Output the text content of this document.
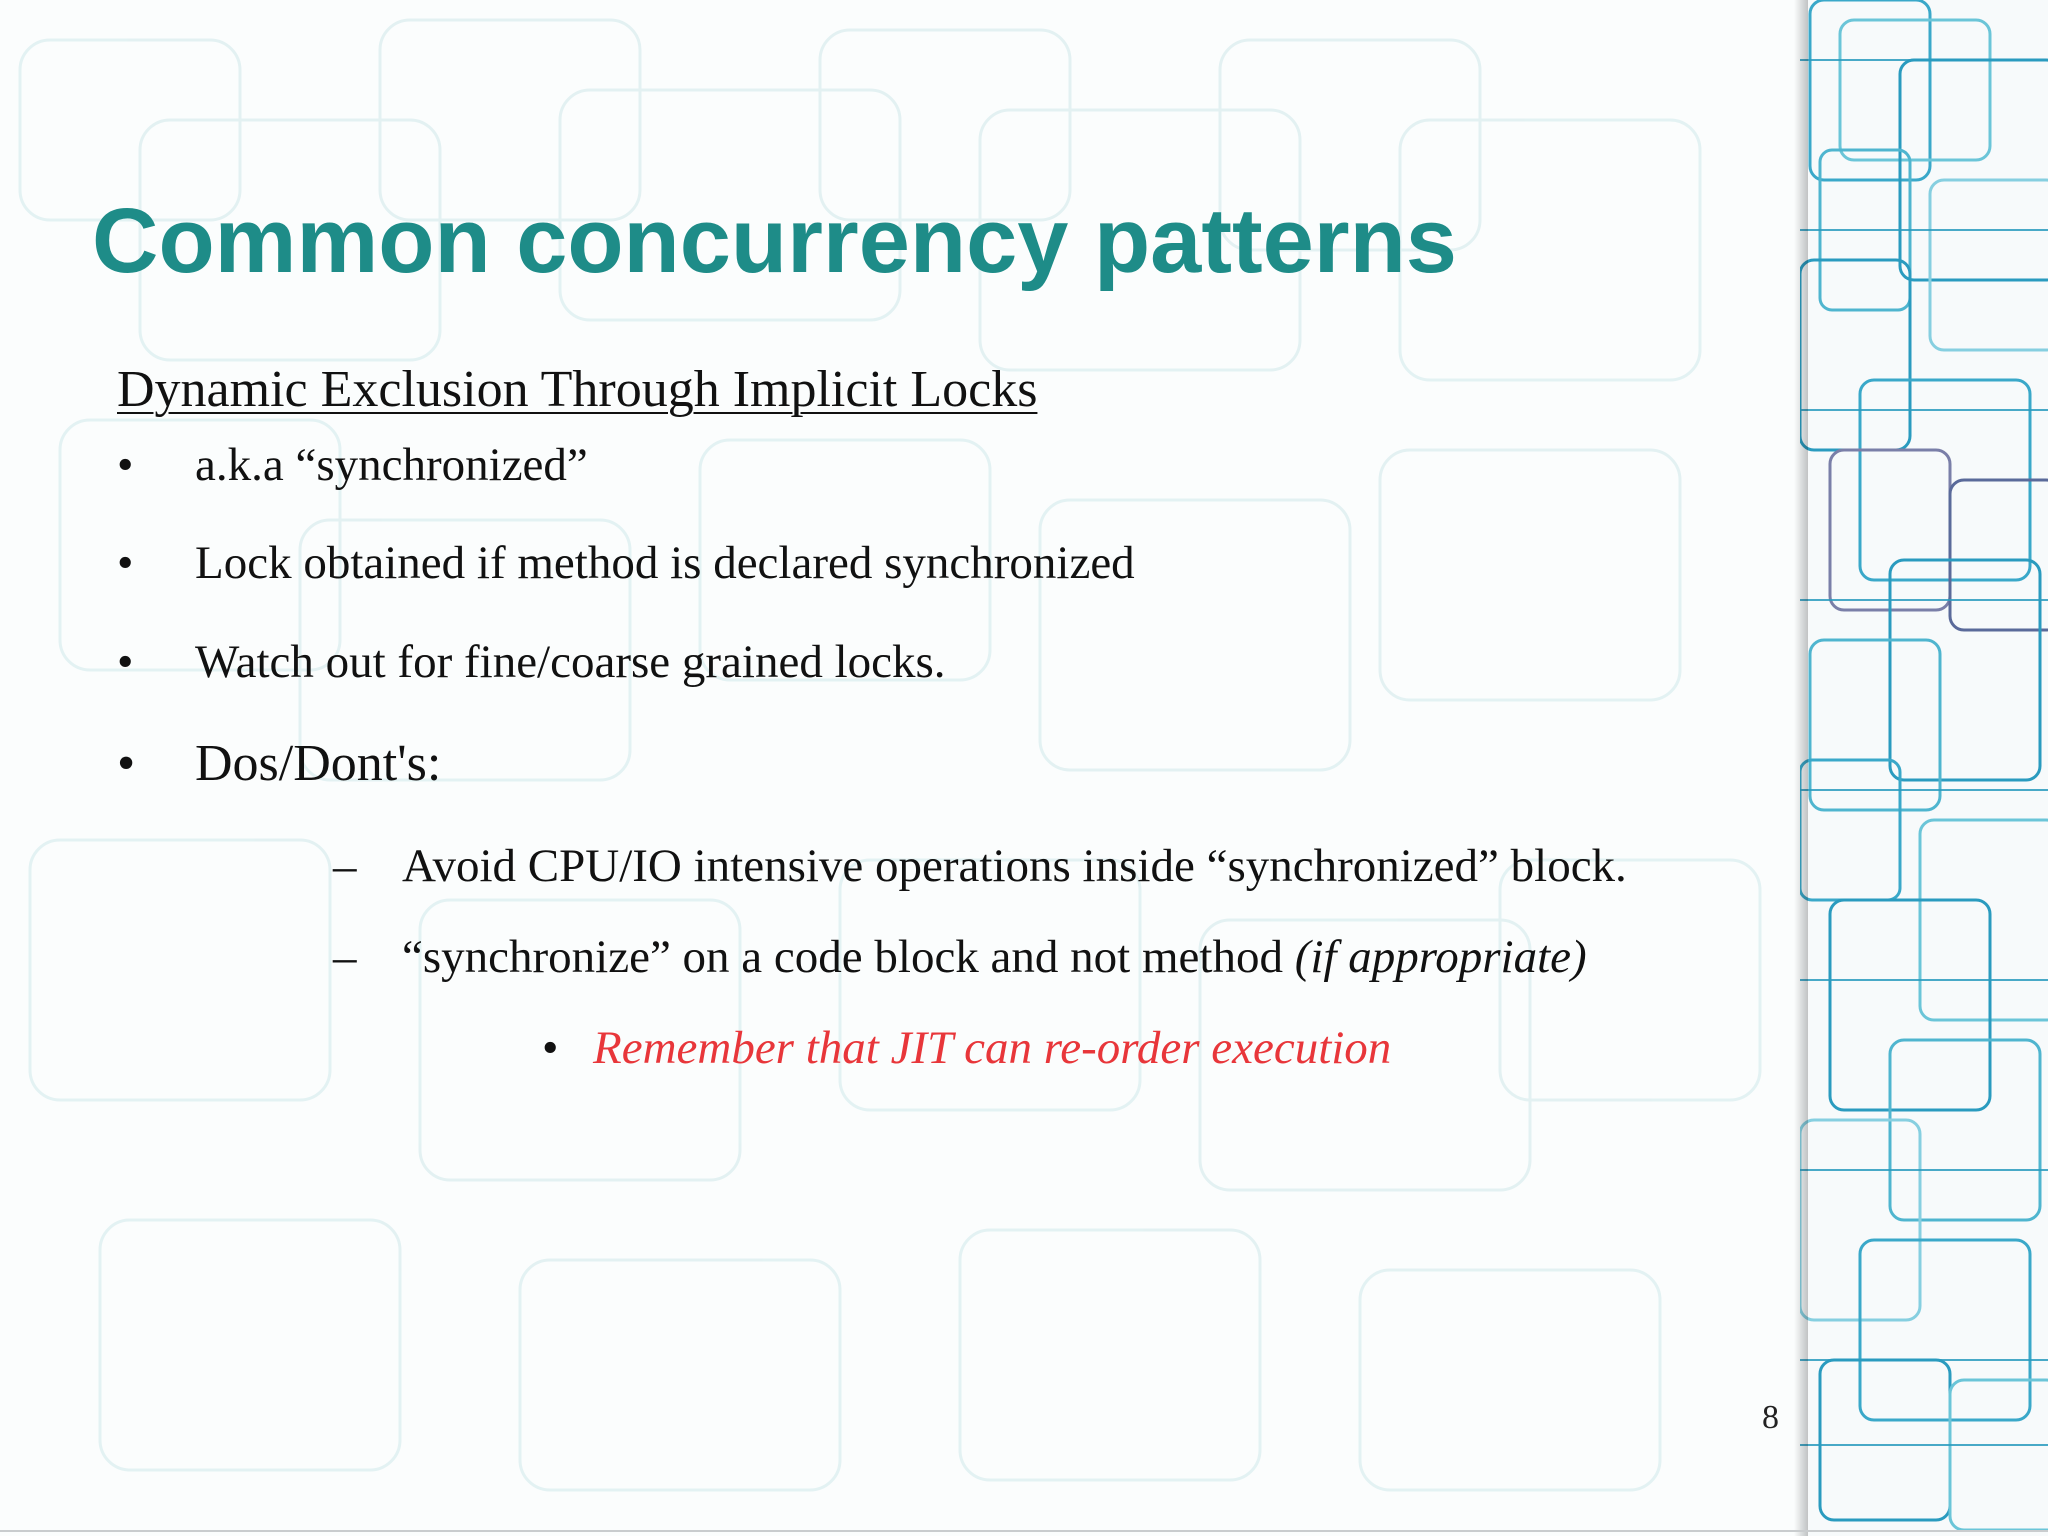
Common concurrency patterns
Dynamic Exclusion Through Implicit Locks
• a.k.a “synchronized”
• Lock obtained if method is declared synchronized
• Watch out for fine/coarse grained locks.
• Dos/Dont's:
– Avoid CPU/IO intensive operations inside “synchronized” block.
– “synchronize” on a code block and not method (if appropriate)
• Remember that JIT can re-order execution
8
